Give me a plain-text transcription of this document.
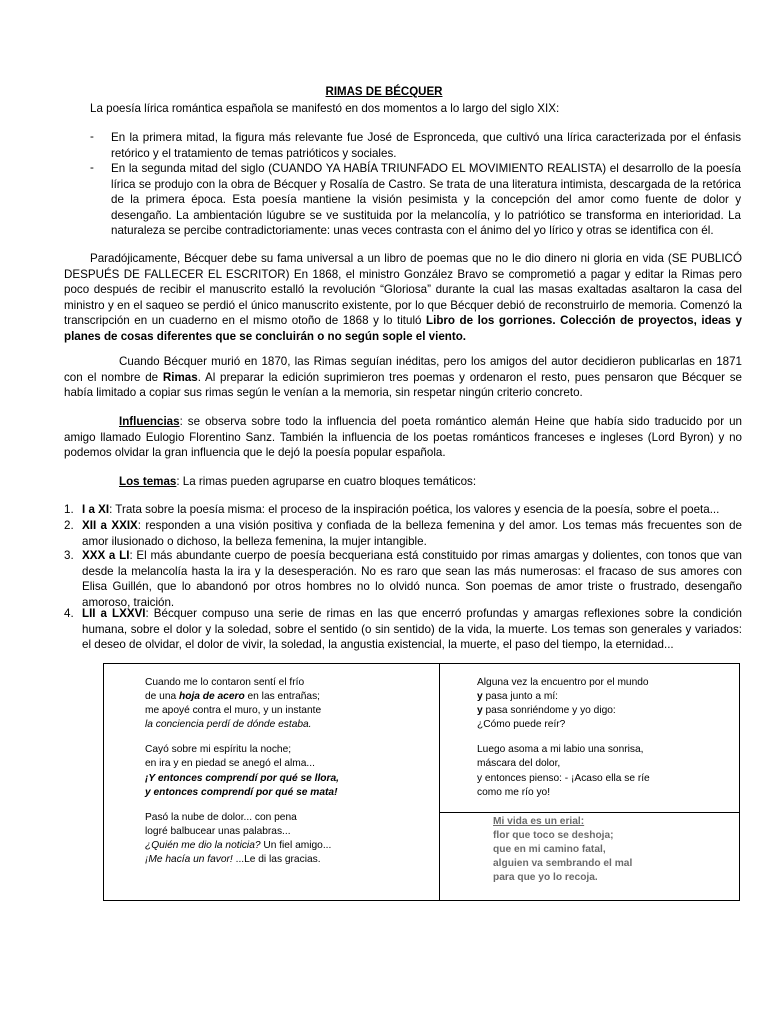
RIMAS DE BÉCQUER
La poesía lírica romántica española se manifestó en dos momentos a lo largo del siglo XIX:
- En la primera mitad, la figura más relevante fue José de Espronceda, que cultivó una lírica caracterizada por el énfasis retórico y el tratamiento de temas patrióticos y sociales.
- En la segunda mitad del siglo (CUANDO YA HABÍA TRIUNFADO EL MOVIMIENTO REALISTA) el desarrollo de la poesía lírica se produjo con la obra de Bécquer y Rosalía de Castro. Se trata de una literatura intimista, descargada de la retórica de la primera época. Esta poesía mantiene la visión pesimista y la concepción del amor como fuente de dolor y desengaño. La ambientación lúgubre se ve sustituida por la melancolía, y lo patriótico se transforma en interioridad. La naturaleza se percibe contradictoriamente: unas veces contrasta con el ánimo del yo lírico y otras se identifica con él.
Paradójicamente, Bécquer debe su fama universal a un libro de poemas que no le dio dinero ni gloria en vida (SE PUBLICÓ DESPUÉS DE FALLECER EL ESCRITOR) En 1868, el ministro González Bravo se comprometió a pagar y editar la Rimas pero poco después de recibir el manuscrito estalló la revolución “Gloriosa” durante la cual las masas exaltadas asaltaron la casa del ministro y en el saqueo se perdió el único manuscrito existente, por lo que Bécquer debió de reconstruirlo de memoria. Comenzó la transcripción en un cuaderno en el mismo otoño de 1868 y lo tituló Libro de los gorriones. Colección de proyectos, ideas y planes de cosas diferentes que se concluirán o no según sople el viento.
Cuando Bécquer murió en 1870, las Rimas seguían inéditas, pero los amigos del autor decidieron publicarlas en 1871 con el nombre de Rimas. Al preparar la edición suprimieron tres poemas y ordenaron el resto, pues pensaron que Bécquer se había limitado a copiar sus rimas según le venían a la memoria, sin respetar ningún criterio concreto.
Influencias: se observa sobre todo la influencia del poeta romántico alemán Heine que había sido traducido por un amigo llamado Eulogio Florentino Sanz. También la influencia de los poetas románticos franceses e ingleses (Lord Byron) y no podemos olvidar la gran influencia que le dejó la poesía popular española.
Los temas: La rimas pueden agruparse en cuatro bloques temáticos:
1. I a XI: Trata sobre la poesía misma: el proceso de la inspiración poética, los valores y esencia de la poesía, sobre el poeta...
2. XII a XXIX: responden a una visión positiva y confiada de la belleza femenina y del amor. Los temas más frecuentes son de amor ilusionado o dichoso, la belleza femenina, la mujer intangible.
3. XXX a LI: El más abundante cuerpo de poesía becqueriana está constituido por rimas amargas y dolientes, con tonos que van desde la melancolía hasta la ira y la desesperación. No es raro que sean las más numerosas: el fracaso de sus amores con Elisa Guillén, que lo abandonó por otros hombres no lo olvidó nunca. Son poemas de amor triste o frustrado, desengaño amoroso, traición.
4. LII a LXXVI: Bécquer compuso una serie de rimas en las que encerró profundas y amargas reflexiones sobre la condición humana, sobre el dolor y la soledad, sobre el sentido (o sin sentido) de la vida, la muerte. Los temas son generales y variados: el deseo de olvidar, el dolor de vivir, la soledad, la angustia existencial, la muerte, el paso del tiempo, la eternidad...
Cuando me lo contaron sentí el frío
de una hoja de acero en las entrañas;
me apoyé contra el muro, y un instante
la conciencia perdí de dónde estaba.
Cayó sobre mi espíritu la noche;
en ira y en piedad se anegó el alma...
¡Y entonces comprendí por qué se llora,
y entonces comprendí por qué se mata!
Pasó la nube de dolor... con pena
logré balbucear unas palabras...
¿Quién me dio la noticia? Un fiel amigo...
¡Me hacía un favor! ...Le di las gracias.
Alguna vez la encuentro por el mundo
y pasa junto a mí:
y pasa sonriéndome y yo digo:
¿Cómo puede reír?
Luego asoma a mi labio una sonrisa,
máscara del dolor,
y entonces pienso: - ¡Acaso ella se ríe
como me río yo!
Mi vida es un erial:
flor que toco se deshoja;
que en mi camino fatal,
alguien va sembrando el mal
para que yo lo recoja.
